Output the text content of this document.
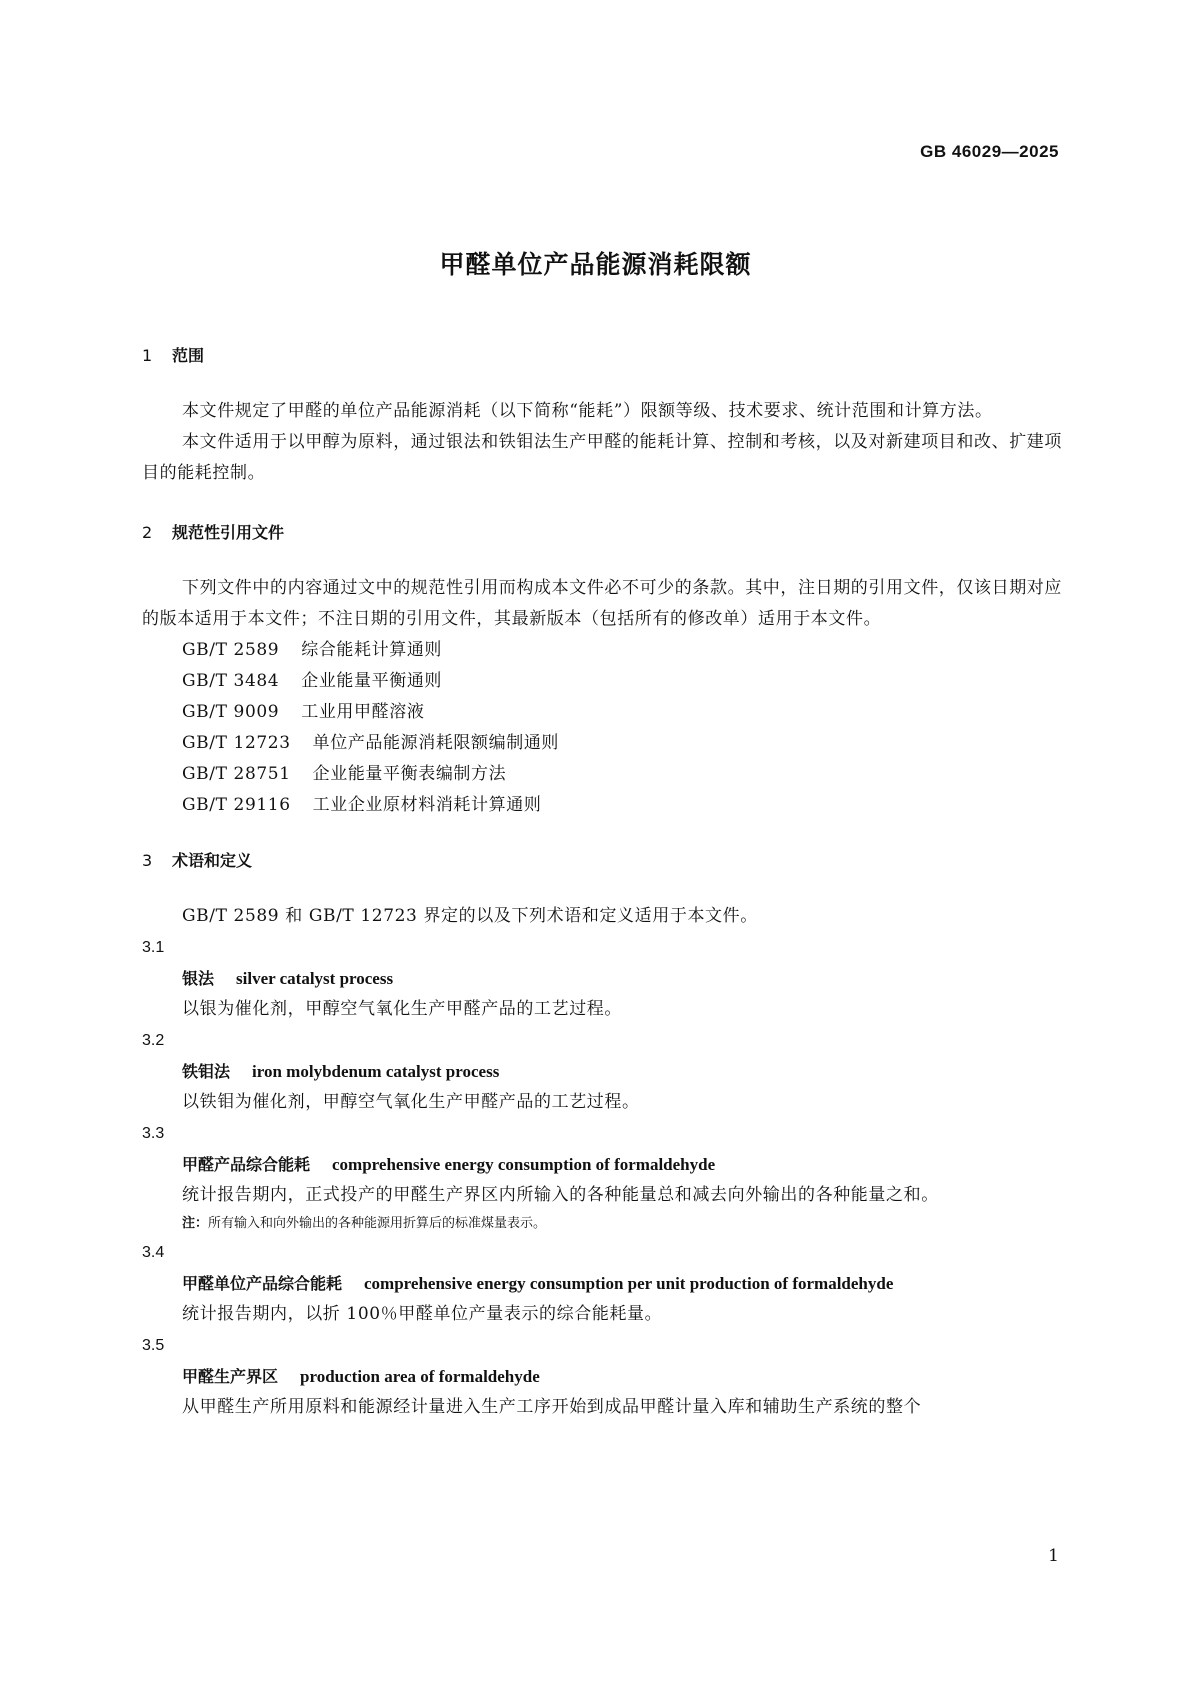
GB 46029—2025
甲醛单位产品能源消耗限额
1 范围

本文件规定了甲醛的单位产品能源消耗（以下简称“能耗”）限额等级、技术要求、统计范围和计算方法。

本文件适用于以甲醇为原料，通过银法和铁钼法生产甲醛的能耗计算、控制和考核，以及对新建项目和改、扩建项目的能耗控制。

2 规范性引用文件

下列文件中的内容通过文中的规范性引用而构成本文件必不可少的条款。其中，注日期的引用文件，仅该日期对应的版本适用于本文件；不注日期的引用文件，其最新版本（包括所有的修改单）适用于本文件。

GB/T 2589 综合能耗计算通则

GB/T 3484 企业能量平衡通则

GB/T 9009 工业用甲醛溶液

GB/T 12723 单位产品能源消耗限额编制通则

GB/T 28751 企业能量平衡表编制方法

GB/T 29116 工业企业原材料消耗计算通则

3 术语和定义

GB/T 2589 和 GB/T 12723 界定的以及下列术语和定义适用于本文件。

3.1

银法 silver catalyst process

以银为催化剂，甲醇空气氧化生产甲醛产品的工艺过程。

3.2

铁钼法 iron molybdenum catalyst process

以铁钼为催化剂，甲醇空气氧化生产甲醛产品的工艺过程。

3.3

甲醛产品综合能耗 comprehensive energy consumption of formaldehyde

统计报告期内，正式投产的甲醛生产界区内所输入的各种能量总和减去向外输出的各种能量之和。

注：所有输入和向外输出的各种能源用折算后的标准煤量表示。

3.4

甲醛单位产品综合能耗 comprehensive energy consumption per unit production of formaldehyde

统计报告期内，以折 100％甲醛单位产量表示的综合能耗量。

3.5

甲醛生产界区 production area of formaldehyde

从甲醛生产所用原料和能源经计量进入生产工序开始到成品甲醛计量入库和辅助生产系统的整个

1
